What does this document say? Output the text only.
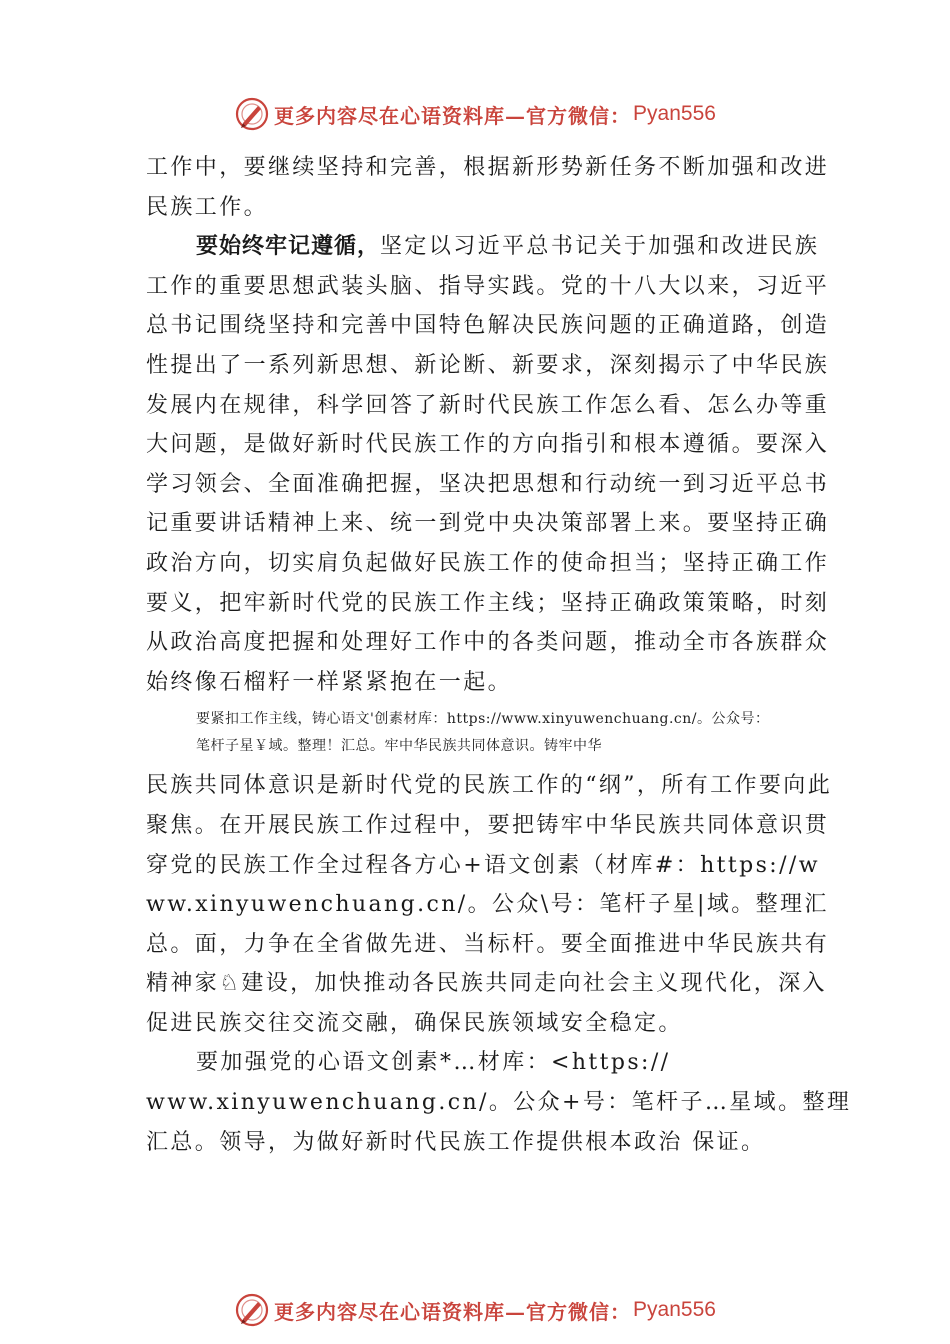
更多内容尽在心语资料库—官方微信： Pyan556

工作中，要继续坚持和完善，根据新形势新任务不断加强和改进民族工作。

要始终牢记遵循，坚定以习近平总书记关于加强和改进民族工作的重要思想武装头脑、指导实践。党的十八大以来，习近平总书记围绕坚持和完善中国特色解决民族问题的正确道路，创造性提出了一系列新思想、新论断、新要求，深刻揭示了中华民族发展内在规律，科学回答了新时代民族工作怎么看、怎么办等重大问题，是做好新时代民族工作的方向指引和根本遵循。要深入学习领会、全面准确把握，坚决把思想和行动统一到习近平总书记重要讲话精神上来、统一到党中央决策部署上来。要坚持正确政治方向，切实肩负起做好民族工作的使命担当；坚持正确工作要义，把牢新时代党的民族工作主线；坚持正确政策策略，时刻从政治高度把握和处理好工作中的各类问题，推动全市各族群众始终像石榴籽一样紧紧抱在一起。

要紧扣工作主线，铸心语文'创素材库：https://www.xinyuwenchuang.cn/。公众号：
笔杆子星￥域。整理！汇总。牢中华民族共同体意识。铸牢中华

民族共同体意识是新时代党的民族工作的“纲”，所有工作要向此聚焦。在开展民族工作过程中，要把铸牢中华民族共同体意识贯穿党的民族工作全过程各方心+语文创素（材库#：https://www.xinyuwenchuang.cn/。公众\号：笔杆子星|域。整理汇总。面，力争在全省做先进、当标杆。要全面推进中华民族共有精神家♘建设，加快推动各民族共同走向社会主义现代化，深入促进民族交往交流交融，确保民族领域安全稳定。

要加强党的心语文创素*…材库：<https://
www.xinyuwenchuang.cn/。公众+号：笔杆子…星域。整理
汇总。领导，为做好新时代民族工作提供根本政治 保证。

更多内容尽在心语资料库—官方微信： Pyan556
